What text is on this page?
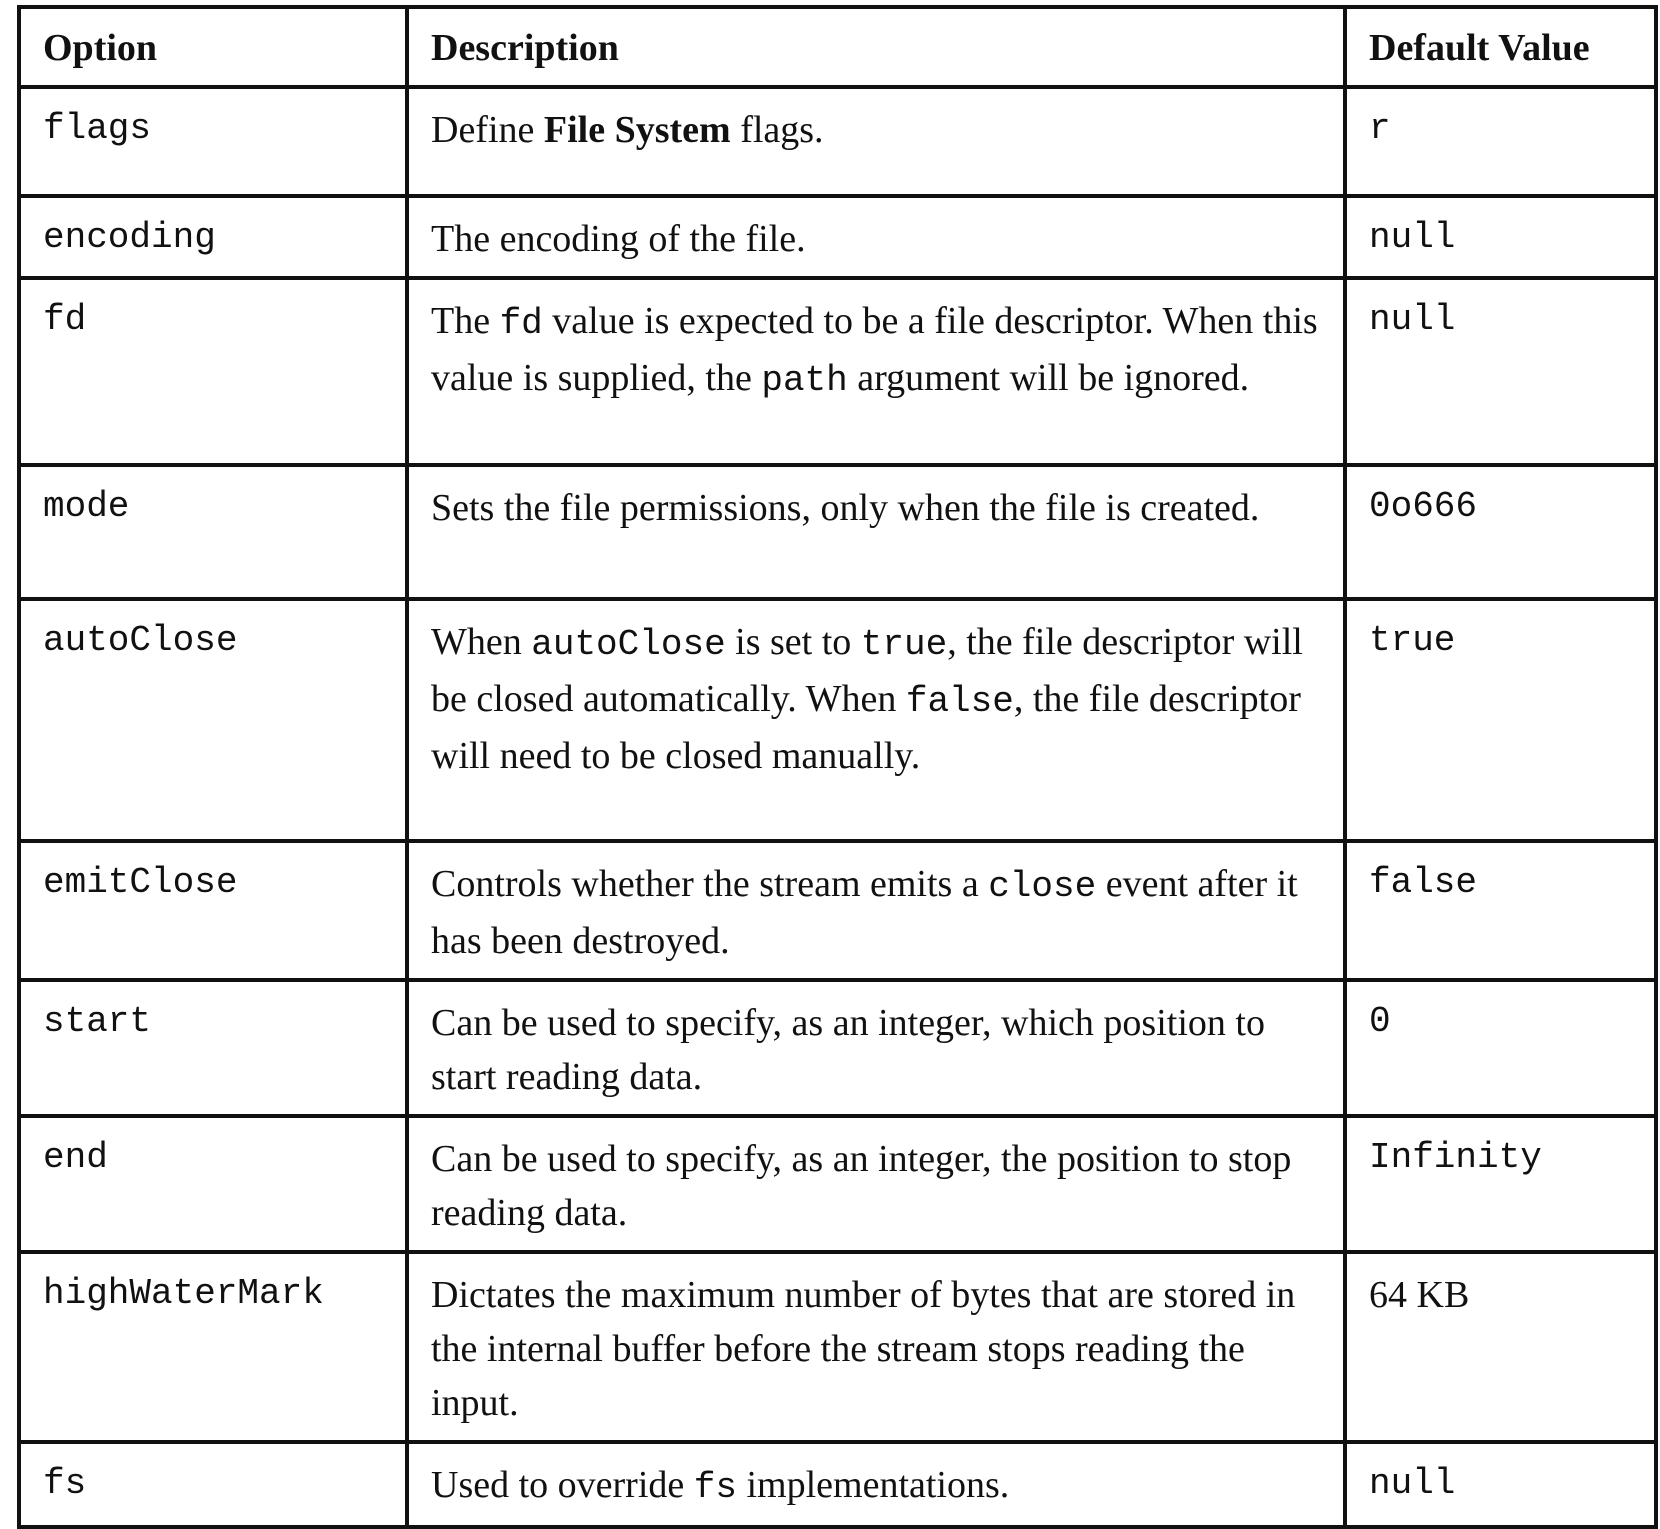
Option	Description	Default Value
flags	Define File System flags.	r
encoding	The encoding of the file.	null
fd	The fd value is expected to be a file descriptor. When this value is supplied, the path argument will be ignored.	null
mode	Sets the file permissions, only when the file is created.	0o666
autoClose	When autoClose is set to true, the file descriptor will be closed automatically. When false, the file descriptor will need to be closed manually.	true
emitClose	Controls whether the stream emits a close event after it has been destroyed.	false
start	Can be used to specify, as an integer, which position to start reading data.	0
end	Can be used to specify, as an integer, the position to stop reading data.	Infinity
highWaterMark	Dictates the maximum number of bytes that are stored in the internal buffer before the stream stops reading the input.	64 KB
fs	Used to override fs implementations.	null
